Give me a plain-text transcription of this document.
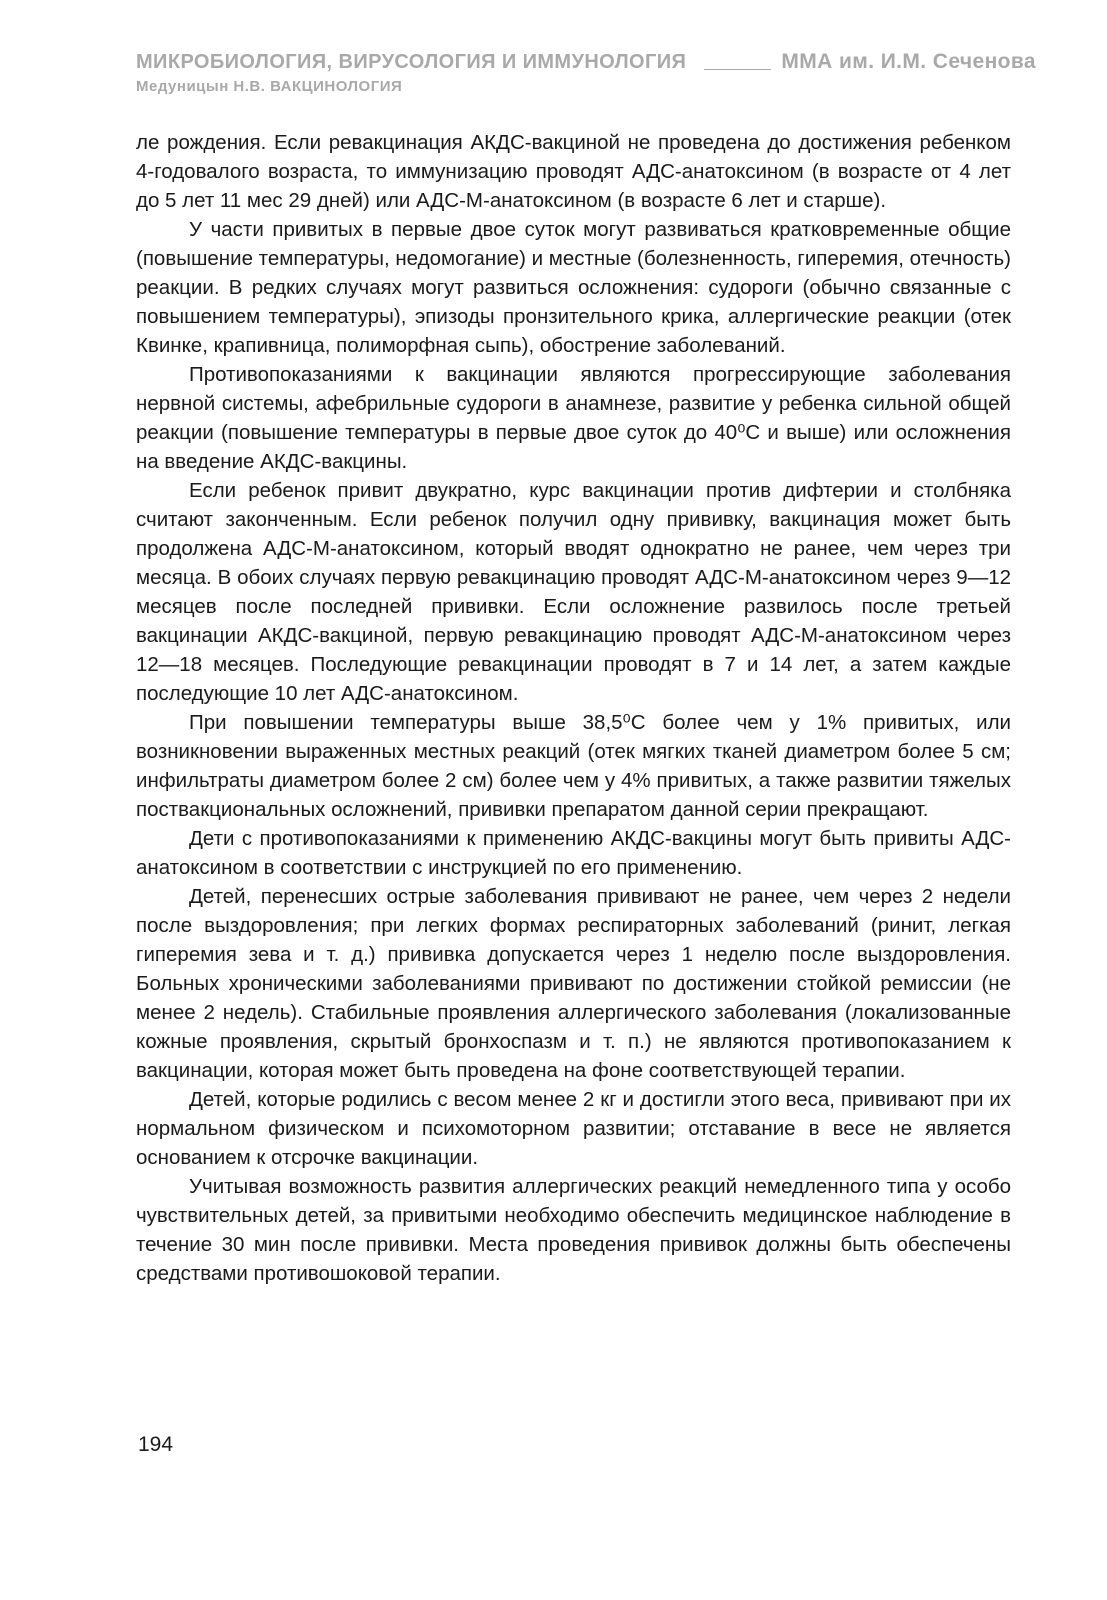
МИКРОБИОЛОГИЯ, ВИРУСОЛОГИЯ И ИММУНОЛОГИЯ	ММА им. И.М. Сеченова
Медуницын Н.В. ВАКЦИНОЛОГИЯ

ле рождения. Если ревакцинация АКДС-вакциной не проведена до достижения ребенком 4-годовалого возраста, то иммунизацию проводят АДС-анатоксином (в возрасте от 4 лет до 5 лет 11 мес 29 дней) или АДС-М-анатоксином (в возрасте 6 лет и старше).

У части привитых в первые двое суток могут развиваться кратковременные общие (повышение температуры, недомогание) и местные (болезненность, гиперемия, отечность) реакции. В редких случаях могут развиться осложнения: судороги (обычно связанные с повышением температуры), эпизоды пронзительного крика, аллергические реакции (отек Квинке, крапивница, полиморфная сыпь), обострение заболеваний.

Противопоказаниями к вакцинации являются прогрессирующие заболевания нервной системы, афебрильные судороги в анамнезе, развитие у ребенка сильной общей реакции (повышение температуры в первые двое суток до 40⁰С и выше) или осложнения на введение АКДС-вакцины.

Если ребенок привит двукратно, курс вакцинации против дифтерии и столбняка считают законченным. Если ребенок получил одну прививку, вакцинация может быть продолжена АДС-М-анатоксином, который вводят однократно не ранее, чем через три месяца. В обоих случаях первую ревакцинацию проводят АДС-М-анатоксином через 9—12 месяцев после последней прививки. Если осложнение развилось после третьей вакцинации АКДС-вакциной, первую ревакцинацию проводят АДС-М-анатоксином через 12—18 месяцев. Последующие ревакцинации проводят в 7 и 14 лет, а затем каждые последующие 10 лет АДС-анатоксином.

При повышении температуры выше 38,5⁰С более чем у 1% привитых, или возникновении выраженных местных реакций (отек мягких тканей диаметром более 5 см; инфильтраты диаметром более 2 см) более чем у 4% привитых, а также развитии тяжелых поствакциональных осложнений, прививки препаратом данной серии прекращают.

Дети с противопоказаниями к применению АКДС-вакцины могут быть привиты АДС-анатоксином в соответствии с инструкцией по его применению.

Детей, перенесших острые заболевания прививают не ранее, чем через 2 недели после выздоровления; при легких формах респираторных заболеваний (ринит, легкая гиперемия зева и т. д.) прививка допускается через 1 неделю после выздоровления. Больных хроническими заболеваниями прививают по достижении стойкой ремиссии (не менее 2 недель). Стабильные проявления аллергического заболевания (локализованные кожные проявления, скрытый бронхоспазм и т. п.) не являются противопоказанием к вакцинации, которая может быть проведена на фоне соответствующей терапии.

Детей, которые родились с весом менее 2 кг и достигли этого веса, прививают при их нормальном физическом и психомоторном развитии; отставание в весе не является основанием к отсрочке вакцинации.

Учитывая возможность развития аллергических реакций немедленного типа у особо чувствительных детей, за привитыми необходимо обеспечить медицинское наблюдение в течение 30 мин после прививки. Места проведения прививок должны быть обеспечены средствами противошоковой терапии.

194
